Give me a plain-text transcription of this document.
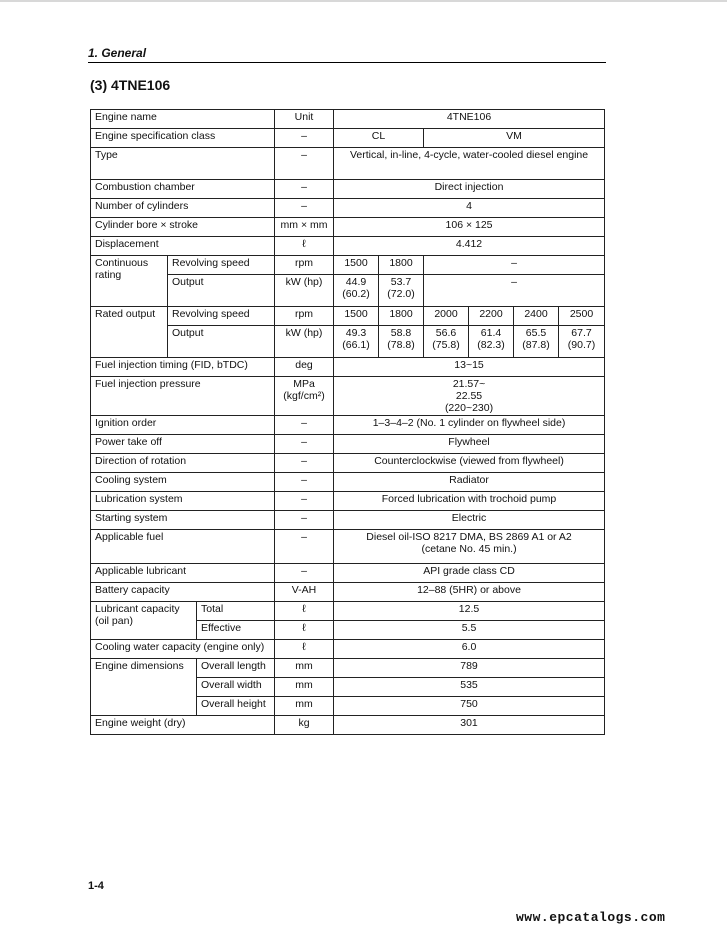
1. General
(3) 4TNE106
Engine name			Unit	4TNE106					
Engine specification class			–	CL		VM			
Type			–	Vertical, in-line, 4-cycle, water-cooled diesel engine					
Combustion chamber			–	Direct injection					
Number of cylinders			–	4					
Cylinder bore × stroke			mm × mm	106 × 125					
Displacement			ℓ	4.412					
Continuous rating	Revolving speed		rpm	1500	1800	–			
	Output		kW (hp)	44.9 (60.2)	53.7 (72.0)	–			
Rated output	Revolving speed		rpm	1500	1800	2000	2200	2400	2500
	Output		kW (hp)	49.3 (66.1)	58.8 (78.8)	56.6 (75.8)	61.4 (82.3)	65.5 (87.8)	67.7 (90.7)
Fuel injection timing (FID, bTDC)			deg	13~15					
Fuel injection pressure			MPa (kgf/cm²)	21.57~ 22.55 (220~230)					
Ignition order			–	1–3–4–2 (No. 1 cylinder on flywheel side)					
Power take off			–	Flywheel					
Direction of rotation			–	Counterclockwise (viewed from flywheel)					
Cooling system			–	Radiator					
Lubrication system			–	Forced lubrication with trochoid pump					
Starting system			–	Electric					
Applicable fuel			–	Diesel oil-ISO 8217 DMA, BS 2869 A1 or A2 (cetane No. 45 min.)					
Applicable lubricant			–	API grade class CD					
Battery capacity			V-AH	12–88 (5HR) or above					
Lubricant capacity (oil pan)		Total	ℓ	12.5					
		Effective	ℓ	5.5					
Cooling water capacity (engine only)			ℓ	6.0					
Engine dimensions		Overall length	mm	789					
		Overall width	mm	535					
		Overall height	mm	750					
Engine weight (dry)			kg	301					
1-4
www.epcatalogs.com
